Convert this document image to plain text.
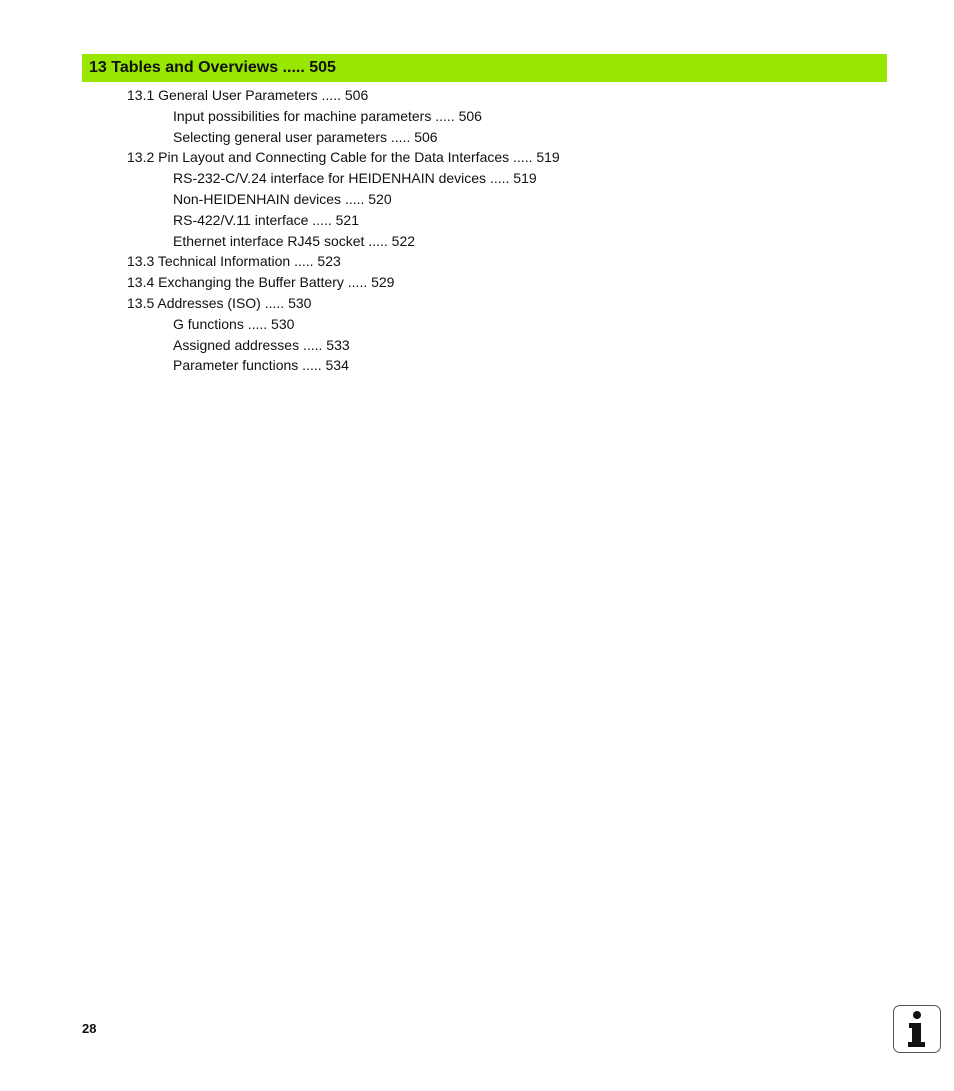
13 Tables and Overviews ..... 505
13.1 General User Parameters ..... 506
Input possibilities for machine parameters ..... 506
Selecting general user parameters ..... 506
13.2 Pin Layout and Connecting Cable for the Data Interfaces ..... 519
RS-232-C/V.24 interface for HEIDENHAIN devices ..... 519
Non-HEIDENHAIN devices ..... 520
RS-422/V.11 interface ..... 521
Ethernet interface RJ45 socket ..... 522
13.3 Technical Information ..... 523
13.4 Exchanging the Buffer Battery ..... 529
13.5 Addresses (ISO) ..... 530
G functions ..... 530
Assigned addresses ..... 533
Parameter functions ..... 534
28
